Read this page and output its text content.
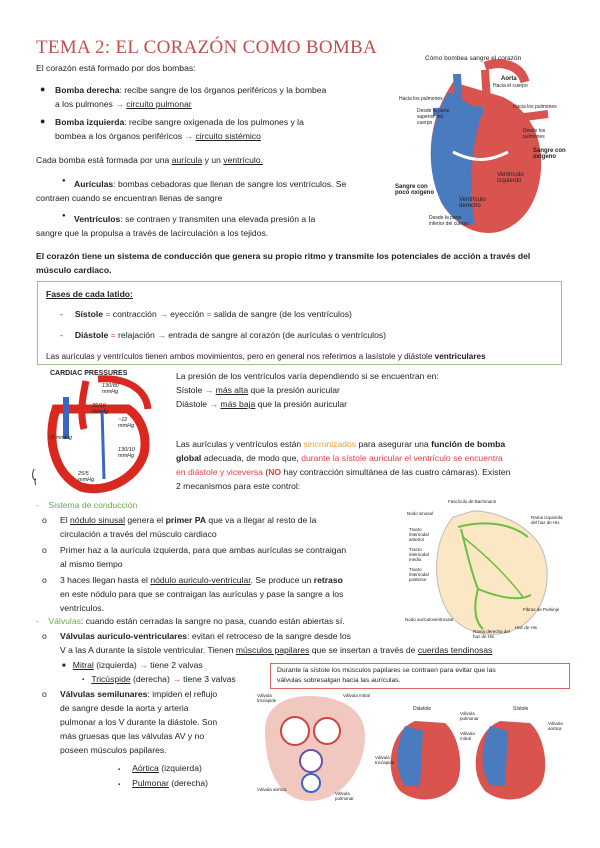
TEMA 2: EL CORAZÓN COMO BOMBA
El corazón está formado por dos bombas:
● Bomba derecha: recibe sangre de los órganos periféricos y la bombea
a los pulmones → circuito pulmonar
● Bomba izquierda: recibe sangre oxigenada de los pulmones y la
bombea a los órganos periféricos → circuito sistémico
Cada bomba está formada por una aurícula y un ventrículo.
● Aurículas: bombas cebadoras que llenan de sangre los ventrículos. Se
contraen cuando se encuentran llenas de sangre
● Ventrículos: se contraen y transmiten una elevada presión a la
sangre que la propulsa a través de lacirculación a los tejidos.
El corazón tiene un sistema de conducción que genera su propio ritmo y transmite los potenciales de acción a través del
músculo cardiaco.
Fases de cada latido:
-     Sístole = contracción → eyección = salida de sangre (de los ventrículos)
-     Diástole = relajación → entrada de sangre al corazón (de aurículas o ventrículos)
Las aurículas y ventrículos tienen ambos movimientos, pero en general nos referimos a lasístole y diástole ventriculares
La presión de los ventrículos varía dependiendo si se encuentran en:
Sístole → más alta que la presión auricular
Diástole → más baja que la presión auricular
Las aurículas y ventrículos están sincronizados para asegurar una función de bomba
global adecuada, de modo que, durante la sístole auricular el ventrículo se encuentra
en diástole y viceversa (NO hay contracción simultánea de las cuatro cámaras). Existen
2 mecanismos para este control:
-    Sistema de conducción
o El nódulo sinusal genera el primer PA que va a llegar al resto de la
circulación a través del músculo cardiaco
o Primer haz a la aurícula izquierda, para que ambas aurículas se contraigan
al mismo tiempo
o 3 haces llegan hasta el nódulo auriculo-ventricular. Se produce un retraso
en este nódulo para que se contraigan las aurículas y pase la sangre a los
ventrículos.
-    Válvulas: cuando están cerradas la sangre no pasa, cuando están abiertas sí.
o Válvulas auriculo-ventriculares: evitan el retroceso de la sangre desde los
V a las A durante la sístole ventricular. Tienen músculos papilares que se insertan a través de cuerdas tendinosas
■ Mitral (izquierda) → tiene 2 valvas
▪ Tricúspide (derecha) → tiene 3 valvas
o Válvulas semilunares: impiden el reflujo
de sangre desde la aorta y arteria
pulmonar a los V durante la diástole. Son
más gruesas que las válvulas AV y no
poseen músculos papilares.
▪ Aórtica (izquierda)
▪ Pulmonar (derecha)
Durante la sístole los músculos papilares se contraen para evitar que las
válvulas sobresalgan hacia las aurículas.
Cómo bombea sangre el corazón
Aorta
Hacia el cuerpo
Hacia los pulmones
Hacia los pulmones
Desde la parte superior del cuerpo
Desde los pulmones
Sangre con oxígeno
Sangre con poco oxígeno
Ventrículo izquierdo
Ventrículo derecho
Desde la parte inferior del cuerpo
CARDIAC PRESSURES
130/80 mmHg
25/10 mmHg
~12 mmHg
~5 mmHg
130/10 mmHg
25/5 mmHg
Fascículo de Bachmann
Nodo sinusal
Tracto internodal anterior
Tracto internodal medio
Tracto internodal posterior
Nodo auriculoventricular
Rama izquierda del haz de His
Rama derecha del haz de His
Fibras de Purkinje
Haz de His
Válvula tricúspide
Válvula mitral
Válvula aórtica
Válvula pulmonar
Diástole	Sístole
Válvula tricúspide
Válvula mitral
Válvula aórtica
Válvula pulmonar
